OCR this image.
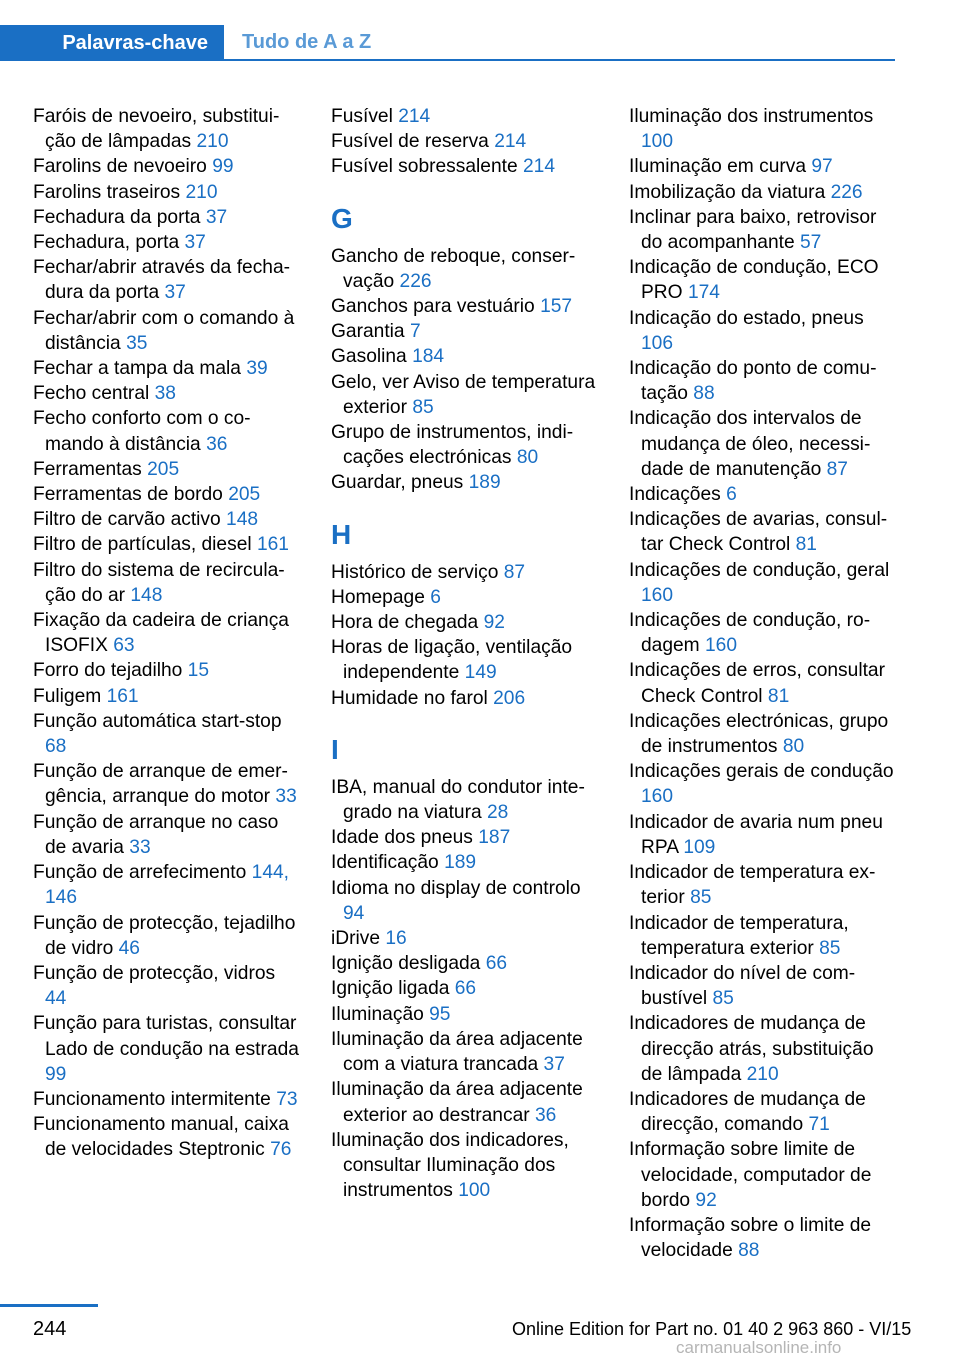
Palavras-chave	Tudo de A a Z
Faróis de nevoeiro, substituição de lâmpadas 210
Farolins de nevoeiro 99
Farolins traseiros 210
Fechadura da porta 37
Fechadura, porta 37
Fechar/abrir através da fechadura da porta 37
Fechar/abrir com o comando à distância 35
Fechar a tampa da mala 39
Fecho central 38
Fecho conforto com o comando à distância 36
Ferramentas 205
Ferramentas de bordo 205
Filtro de carvão activo 148
Filtro de partículas, diesel 161
Filtro do sistema de recirculação do ar 148
Fixação da cadeira de criança ISOFIX 63
Forro do tejadilho 15
Fuligem 161
Função automática start-stop 68
Função de arranque de emergência, arranque do motor 33
Função de arranque no caso de avaria 33
Função de arrefecimento 144, 146
Função de protecção, tejadilho de vidro 46
Função de protecção, vidros 44
Função para turistas, consultar Lado de condução na estrada 99
Funcionamento intermitente 73
Funcionamento manual, caixa de velocidades Steptronic 76
Fusível 214
Fusível de reserva 214
Fusível sobressalente 214
G
Gancho de reboque, conservação 226
Ganchos para vestuário 157
Garantia 7
Gasolina 184
Gelo, ver Aviso de temperatura exterior 85
Grupo de instrumentos, indicações electrónicas 80
Guardar, pneus 189
H
Histórico de serviço 87
Homepage 6
Hora de chegada 92
Horas de ligação, ventilação independente 149
Humidade no farol 206
I
IBA, manual do condutor integrado na viatura 28
Idade dos pneus 187
Identificação 189
Idioma no display de controlo 94
iDrive 16
Ignição desligada 66
Ignição ligada 66
Iluminação 95
Iluminação da área adjacente com a viatura trancada 37
Iluminação da área adjacente exterior ao destrancar 36
Iluminação dos indicadores, consultar Iluminação dos instrumentos 100
Iluminação dos instrumentos 100
Iluminação em curva 97
Imobilização da viatura 226
Inclinar para baixo, retrovisor do acompanhante 57
Indicação de condução, ECO PRO 174
Indicação do estado, pneus 106
Indicação do ponto de comutação 88
Indicação dos intervalos de mudança de óleo, necessidade de manutenção 87
Indicações 6
Indicações de avarias, consultar Check Control 81
Indicações de condução, geral 160
Indicações de condução, rodagem 160
Indicações de erros, consultar Check Control 81
Indicações electrónicas, grupo de instrumentos 80
Indicações gerais de condução 160
Indicador de avaria num pneu RPA 109
Indicador de temperatura exterior 85
Indicador de temperatura, temperatura exterior 85
Indicador do nível de combustível 85
Indicadores de mudança de direcção atrás, substituição de lâmpada 210
Indicadores de mudança de direcção, comando 71
Informação sobre limite de velocidade, computador de bordo 92
Informação sobre o limite de velocidade 88
244	Online Edition for Part no. 01 40 2 963 860 - VI/15
carmanualsonline.info
